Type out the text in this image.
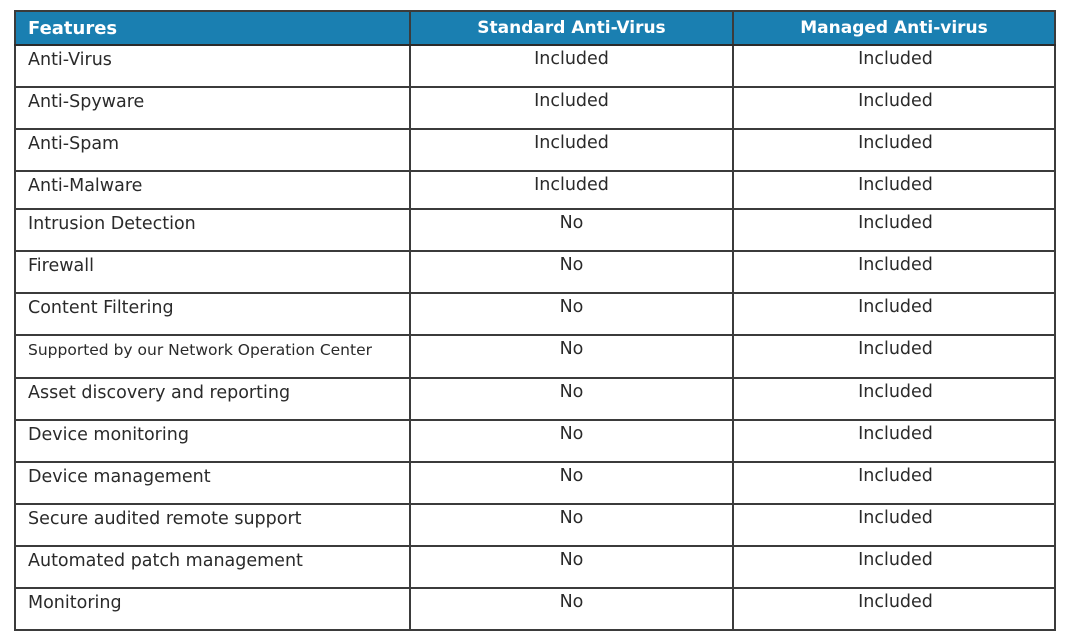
Features	Standard Anti-Virus	Managed Anti-virus
Anti-Virus	Included	Included
Anti-Spyware	Included	Included
Anti-Spam	Included	Included
Anti-Malware	Included	Included
Intrusion Detection	No	Included
Firewall	No	Included
Content Filtering	No	Included
Supported by our Network Operation Center	No	Included
Asset discovery and reporting	No	Included
Device monitoring	No	Included
Device management	No	Included
Secure audited remote support	No	Included
Automated patch management	No	Included
Monitoring	No	Included
